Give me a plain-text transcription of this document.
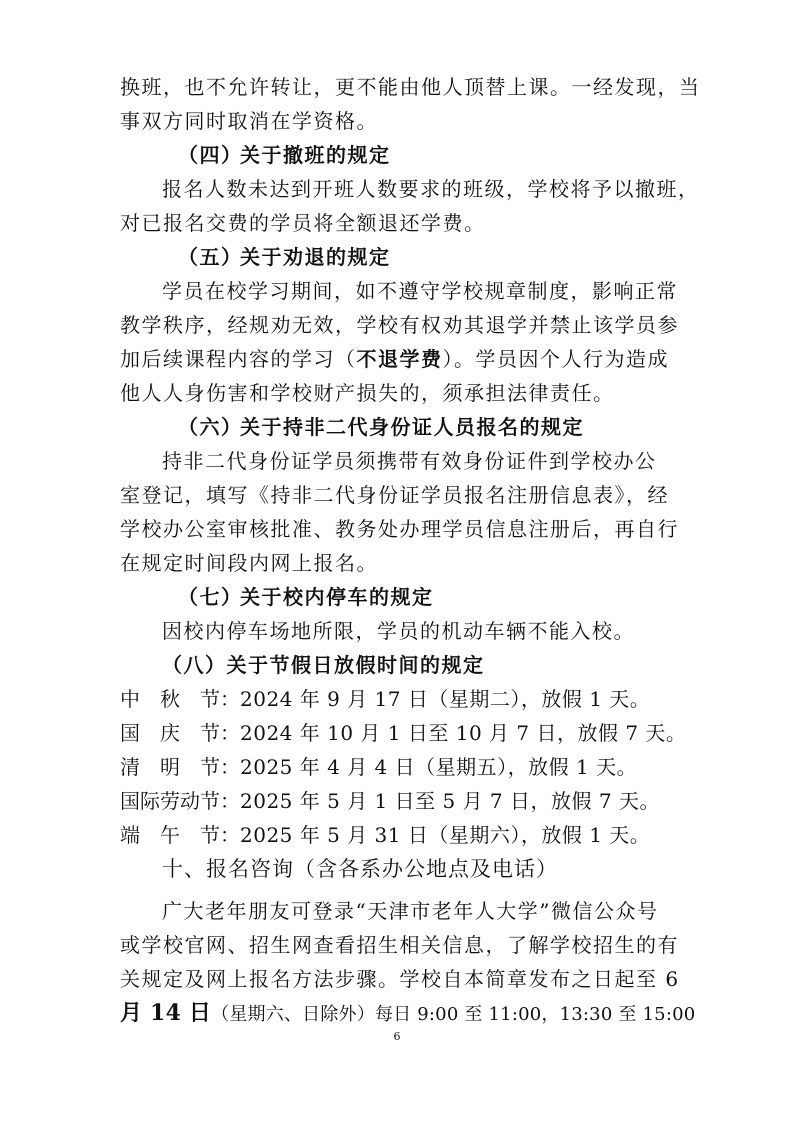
换班，也不允许转让，更不能由他人顶替上课。一经发现，当
事双方同时取消在学资格。
（四）关于撤班的规定
报名人数未达到开班人数要求的班级，学校将予以撤班，
对已报名交费的学员将全额退还学费。
（五）关于劝退的规定
学员在校学习期间，如不遵守学校规章制度，影响正常
教学秩序，经规劝无效，学校有权劝其退学并禁止该学员参
加后续课程内容的学习（不退学费）。学员因个人行为造成
他人人身伤害和学校财产损失的，须承担法律责任。
（六）关于持非二代身份证人员报名的规定
持非二代身份证学员须携带有效身份证件到学校办公
室登记，填写《持非二代身份证学员报名注册信息表》，经
学校办公室审核批准、教务处办理学员信息注册后，再自行
在规定时间段内网上报名。
（七）关于校内停车的规定
因校内停车场地所限，学员的机动车辆不能入校。
（八）关于节假日放假时间的规定
中　秋　节：2024 年 9 月 17 日（星期二），放假 1 天。
国　庆　节：2024 年 10 月 1 日至 10 月 7 日，放假 7 天。
清　明　节：2025 年 4 月 4 日（星期五），放假 1 天。
国际劳动节：2025 年 5 月 1 日至 5 月 7 日，放假 7 天。
端　午　节：2025 年 5 月 31 日（星期六），放假 1 天。
十、报名咨询（含各系办公地点及电话）
广大老年朋友可登录“天津市老年人大学”微信公众号
或学校官网、招生网查看招生相关信息，了解学校招生的有
关规定及网上报名方法步骤。学校自本简章发布之日起至 6
月 14 日（星期六、日除外）每日 9:00 至 11:00，13:30 至 15:00
6
